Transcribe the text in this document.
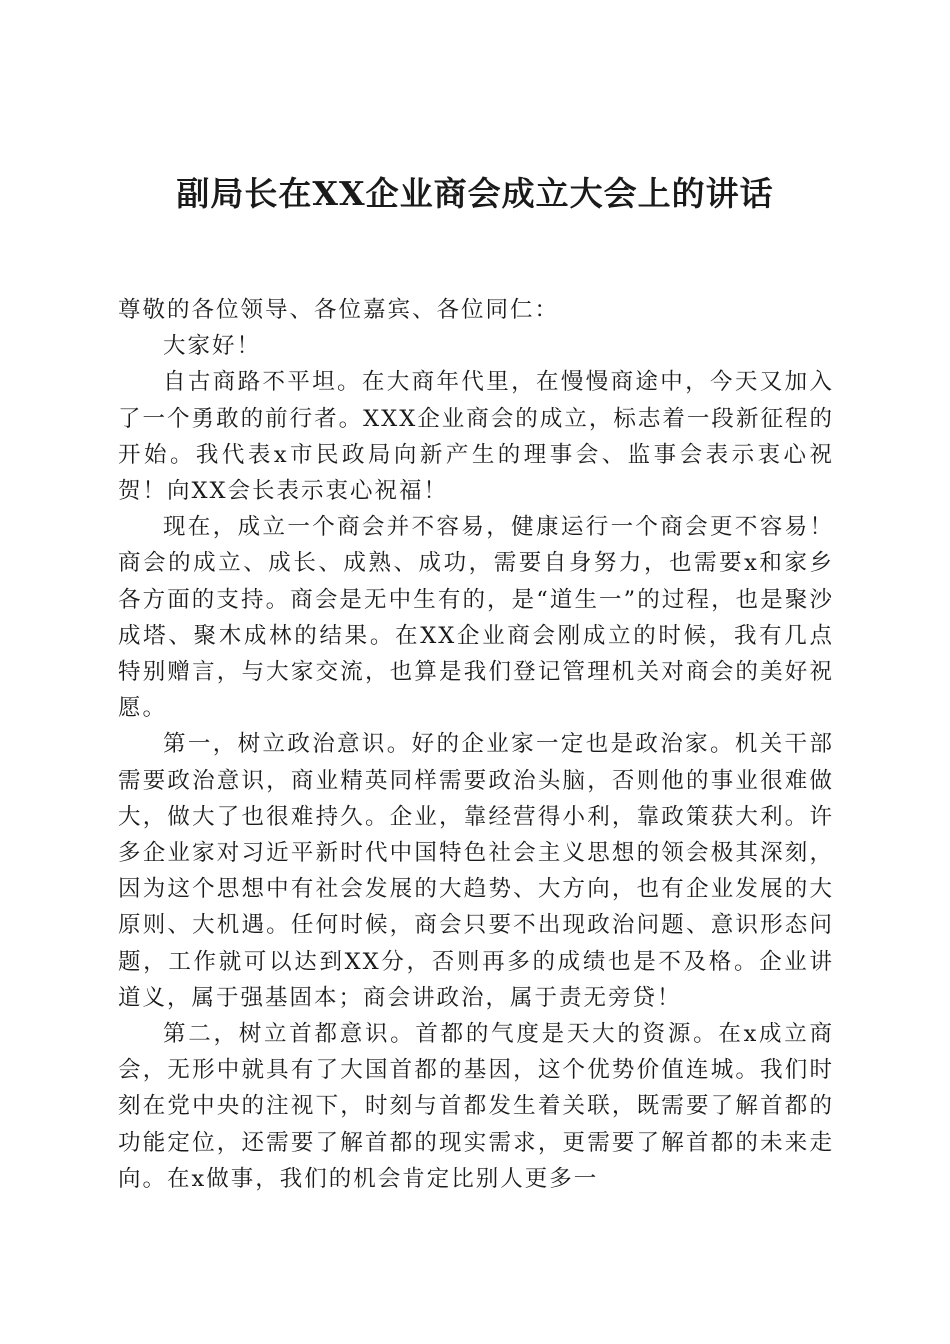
副局长在XX企业商会成立大会上的讲话

尊敬的各位领导、各位嘉宾、各位同仁：

大家好！

自古商路不平坦。在大商年代里，在慢慢商途中，今天又加入了一个勇敢的前行者。XXX企业商会的成立，标志着一段新征程的开始。我代表x市民政局向新产生的理事会、监事会表示衷心祝贺！向XX会长表示衷心祝福！

现在，成立一个商会并不容易，健康运行一个商会更不容易！商会的成立、成长、成熟、成功，需要自身努力，也需要x和家乡各方面的支持。商会是无中生有的，是“道生一”的过程，也是聚沙成塔、聚木成林的结果。在XX企业商会刚成立的时候，我有几点特别赠言，与大家交流，也算是我们登记管理机关对商会的美好祝愿。

第一，树立政治意识。好的企业家一定也是政治家。机关干部需要政治意识，商业精英同样需要政治头脑，否则他的事业很难做大，做大了也很难持久。企业，靠经营得小利，靠政策获大利。许多企业家对习近平新时代中国特色社会主义思想的领会极其深刻，因为这个思想中有社会发展的大趋势、大方向，也有企业发展的大原则、大机遇。任何时候，商会只要不出现政治问题、意识形态问题，工作就可以达到XX分，否则再多的成绩也是不及格。企业讲道义，属于强基固本；商会讲政治，属于责无旁贷！

第二，树立首都意识。首都的气度是天大的资源。在x成立商会，无形中就具有了大国首都的基因，这个优势价值连城。我们时刻在党中央的注视下，时刻与首都发生着关联，既需要了解首都的功能定位，还需要了解首都的现实需求，更需要了解首都的未来走向。在x做事，我们的机会肯定比别人更多一
